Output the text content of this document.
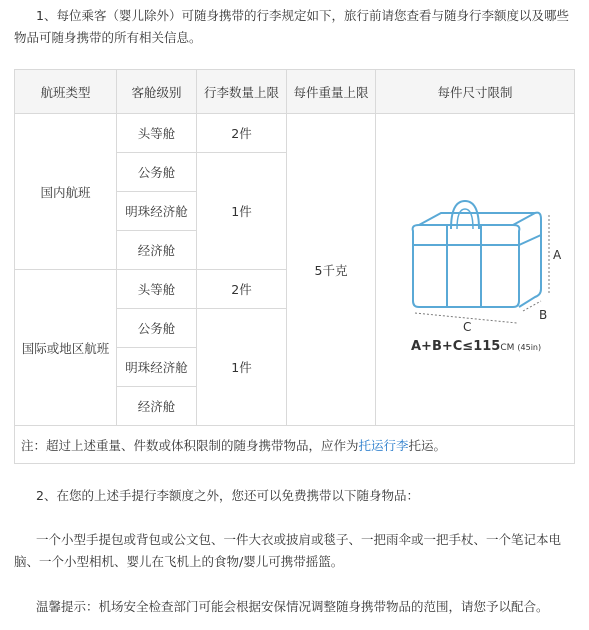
1、每位乘客（婴儿除外）可随身携带的行李规定如下，旅行前请您查看与随身行李额度以及哪些物品可随身携带的所有相关信息。
航班类型	客舱级别	行李数量上限	每件重量上限	每件尺寸限制
国内航班	头等舱	2件	5千克	A
B
C
A+B+C≤115CM (45in)

	公务舱	1件		
	明珠经济舱			
	经济舱			
国际或地区航班	头等舱	2件		
	公务舱	1件		
	明珠经济舱			
	经济舱			
注：超过上述重量、件数或体积限制的随身携带物品，应作为托运行李托运。				
2、在您的上述手提行李额度之外，您还可以免费携带以下随身物品：
一个小型手提包或背包或公文包、一件大衣或披肩或毯子、一把雨伞或一把手杖、一个笔记本电脑、一个小型相机、婴儿在飞机上的食物/婴儿可携带摇篮。
温馨提示：机场安全检查部门可能会根据安保情况调整随身携带物品的范围，请您予以配合。
